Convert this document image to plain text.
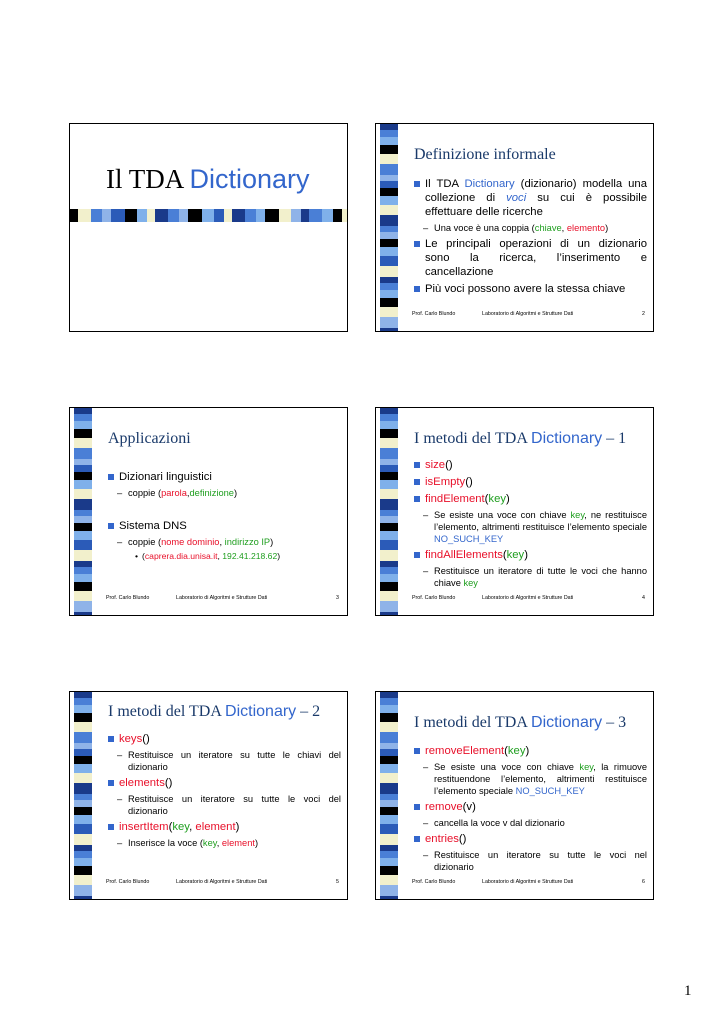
Il TDA Dictionary
Definizione informale
Il TDA Dictionary (dizionario) modella una collezione di voci su cui è possibile effettuare delle ricerche
– Una voce è una coppia (chiave, elemento)
Le principali operazioni di un dizionario sono la ricerca, l’inserimento e cancellazione
Più voci possono avere la stessa chiave
Prof. Carlo Blundo	Laboratorio di Algoritmi e Strutture Dati	2
Applicazioni
Dizionari linguistici
– coppie (parola,definizione)
Sistema DNS
– coppie (nome dominio, indirizzo IP)
• (caprera.dia.unisa.it, 192.41.218.62)
Prof. Carlo Blundo	Laboratorio di Algoritmi e Strutture Dati	3
I metodi del TDA Dictionary – 1
size()
isEmpty()
findElement(key)
– Se esiste una voce con chiave key, ne restituisce l’elemento, altrimenti restituisce l’elemento speciale NO_SUCH_KEY
findAllElements(key)
– Restituisce un iteratore di tutte le voci che hanno chiave key
Prof. Carlo Blundo	Laboratorio di Algoritmi e Strutture Dati	4
I metodi del TDA Dictionary – 2
keys()
– Restituisce un iteratore su tutte le chiavi del dizionario
elements()
– Restituisce un iteratore su tutte le voci del dizionario
insertItem(key, element)
– Inserisce la voce (key, element)
Prof. Carlo Blundo	Laboratorio di Algoritmi e Strutture Dati	5
I metodi del TDA Dictionary – 3
removeElement(key)
– Se esiste una voce con chiave key, la rimuove restituendone l’elemento, altrimenti restituisce l’elemento speciale NO_SUCH_KEY
remove(v)
– cancella la voce v dal dizionario
entries()
– Restituisce un iteratore su tutte le voci nel dizionario
Prof. Carlo Blundo	Laboratorio di Algoritmi e Strutture Dati	6
1
